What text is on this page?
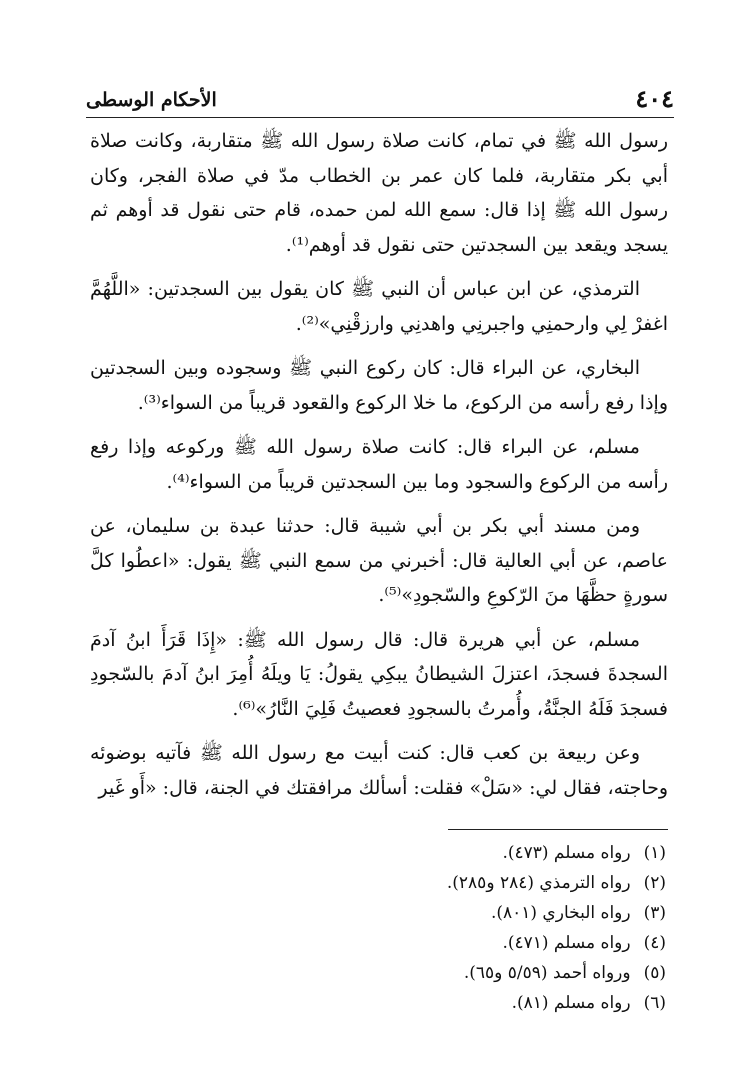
٤٠٤
الأحكام الوسطى

رسول الله ﷺ في تمام، كانت صلاة رسول الله ﷺ متقاربة، وكانت صلاة أبي بكر متقاربة، فلما كان عمر بن الخطاب مدّ في صلاة الفجر، وكان رسول الله ﷺ إذا قال: سمع الله لمن حمده، قام حتى نقول قد أوهم ثم يسجد ويقعد بين السجدتين حتى نقول قد أوهم⁽¹⁾.

الترمذي، عن ابن عباس أن النبي ﷺ كان يقول بين السجدتين: «اللَّهُمَّ اغفرْ لِي وارحمنِي واجبرنِي واهدنِي وارزقْنِي»⁽²⁾.

البخاري، عن البراء قال: كان ركوع النبي ﷺ وسجوده وبين السجدتين وإذا رفع رأسه من الركوع، ما خلا الركوع والقعود قريباً من السواء⁽³⁾.

مسلم، عن البراء قال: كانت صلاة رسول الله ﷺ وركوعه وإذا رفع رأسه من الركوع والسجود وما بين السجدتين قريباً من السواء⁽⁴⁾.

ومن مسند أبي بكر بن أبي شيبة قال: حدثنا عبدة بن سليمان، عن عاصم، عن أبي العالية قال: أخبرني من سمع النبي ﷺ يقول: «اعطُوا كلَّ سورةٍ حظَّهَا منَ الرّكوعِ والسّجودِ»⁽⁵⁾.

مسلم، عن أبي هريرة قال: قال رسول الله ﷺ: «إِذَا قَرَأَ ابنُ آدمَ السجدةَ فسجدَ، اعتزلَ الشيطانُ يبكِي يقولُ: يَا ويلَهُ أُمِرَ ابنُ آدمَ بالسّجودِ فسجدَ فَلَهُ الجنَّةُ، وأُمرتُ بالسجودِ فعصيتُ فَلِيَ النَّارُ»⁽⁶⁾.

وعن ربيعة بن كعب قال: كنت أبيت مع رسول الله ﷺ فآتيه بوضوئه وحاجته، فقال لي: «سَلْ» فقلت: أسألك مرافقتك في الجنة، قال: «أَو غَير

(١) رواه مسلم (٤٧٣).

(٢) رواه الترمذي (٢٨٤ و٢٨٥).

(٣) رواه البخاري (٨٠١).

(٤) رواه مسلم (٤٧١).

(٥) ورواه أحمد (٥/٥٩ و٦٥).

(٦) رواه مسلم (٨١).
